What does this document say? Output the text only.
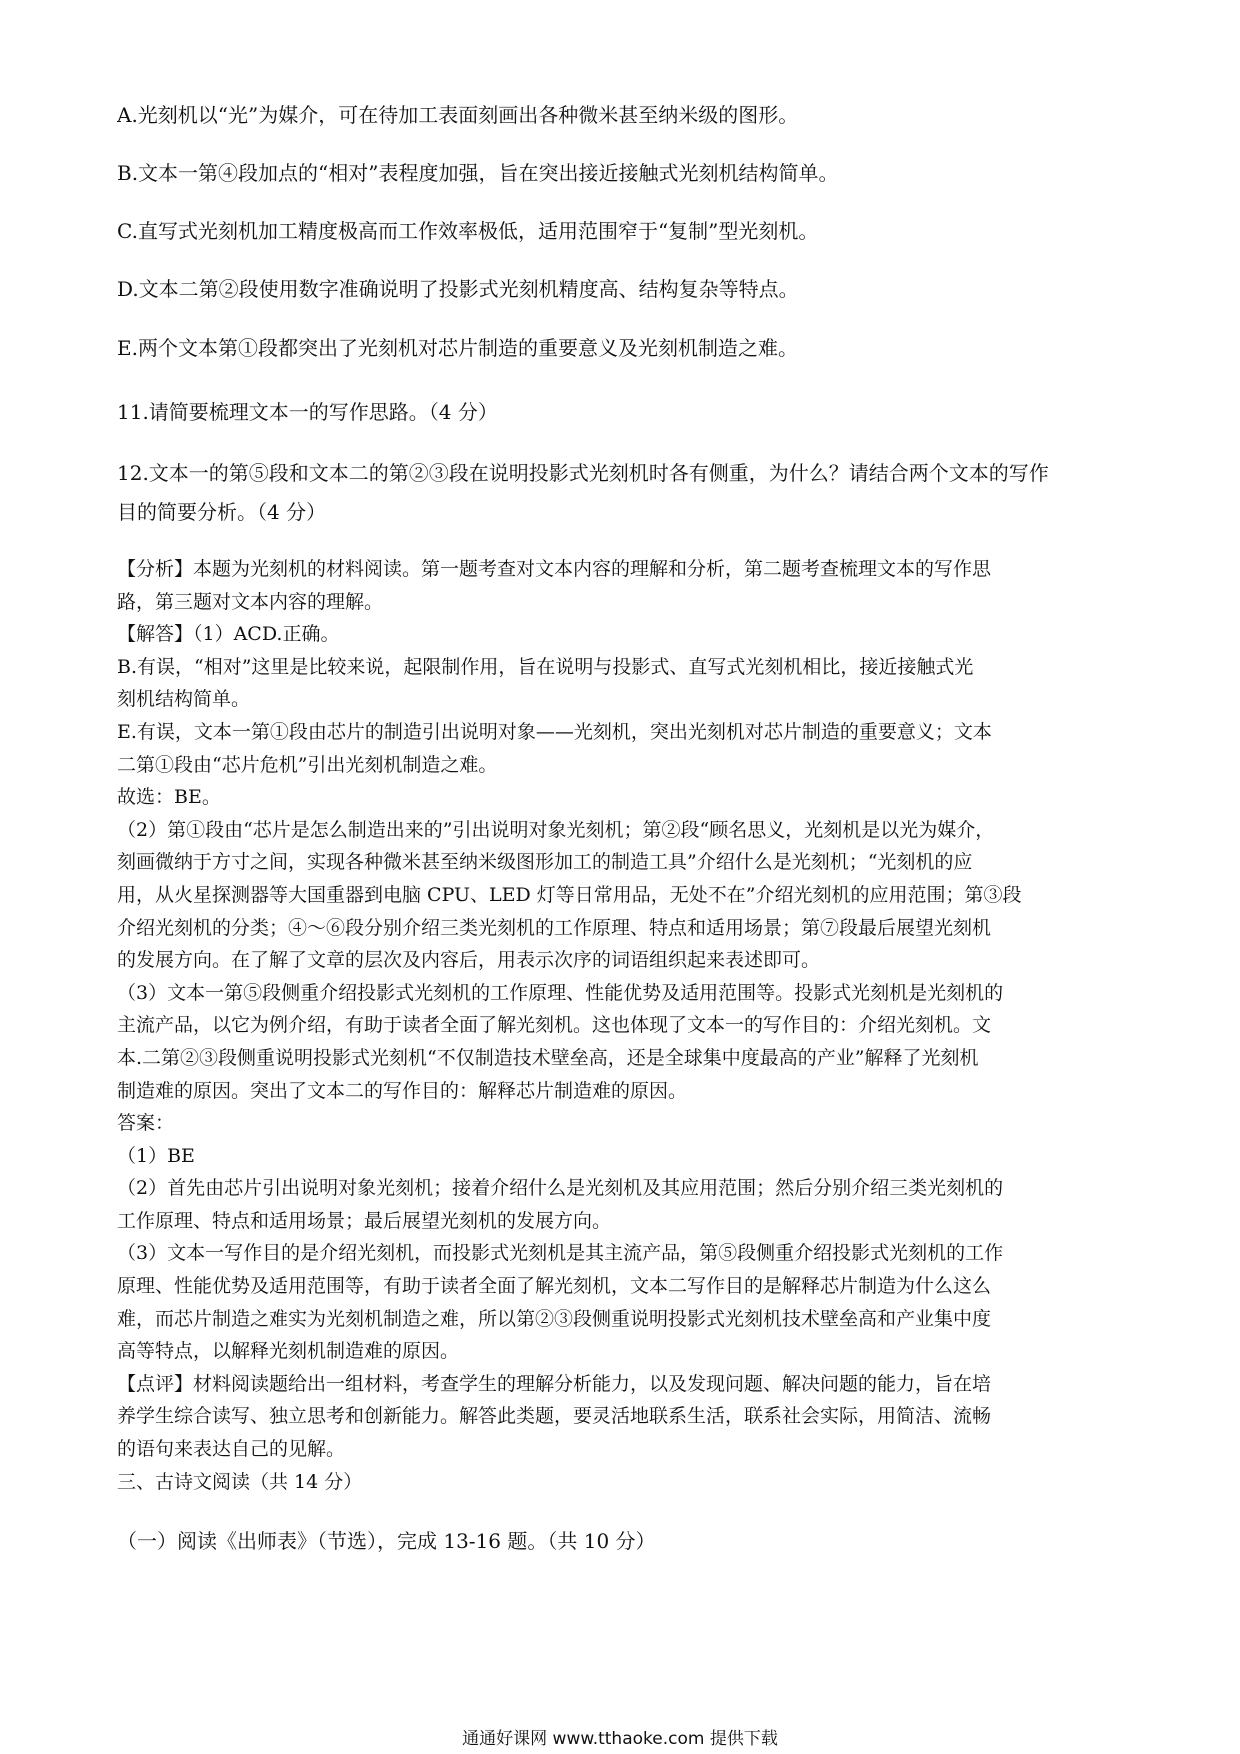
A.光刻机以“光”为媒介，可在待加工表面刻画出各种微米甚至纳米级的图形。
B.文本一第④段加点的“相对”表程度加强，旨在突出接近接触式光刻机结构简单。
C.直写式光刻机加工精度极高而工作效率极低，适用范围窄于“复制”型光刻机。
D.文本二第②段使用数字准确说明了投影式光刻机精度高、结构复杂等特点。
E.两个文本第①段都突出了光刻机对芯片制造的重要意义及光刻机制造之难。
11.请简要梳理文本一的写作思路。（4 分）
12.文本一的第⑤段和文本二的第②③段在说明投影式光刻机时各有侧重，为什么？请结合两个文本的写作
目的简要分析。（4 分）
【分析】本题为光刻机的材料阅读。第一题考查对文本内容的理解和分析，第二题考查梳理文本的写作思
路，第三题对文本内容的理解。
【解答】（1）ACD.正确。
B.有误，“相对”这里是比较来说，起限制作用，旨在说明与投影式、直写式光刻机相比，接近接触式光
刻机结构简单。
E.有误，文本一第①段由芯片的制造引出说明对象——光刻机，突出光刻机对芯片制造的重要意义；文本
二第①段由“芯片危机”引出光刻机制造之难。
故选：BE。
（2）第①段由“芯片是怎么制造出来的”引出说明对象光刻机；第②段“顾名思义，光刻机是以光为媒介，
刻画微纳于方寸之间，实现各种微米甚至纳米级图形加工的制造工具”介绍什么是光刻机；“光刻机的应
用，从火星探测器等大国重器到电脑 CPU、LED 灯等日常用品，无处不在”介绍光刻机的应用范围；第③段
介绍光刻机的分类；④～⑥段分别介绍三类光刻机的工作原理、特点和适用场景；第⑦段最后展望光刻机
的发展方向。在了解了文章的层次及内容后，用表示次序的词语组织起来表述即可。
（3）文本一第⑤段侧重介绍投影式光刻机的工作原理、性能优势及适用范围等。投影式光刻机是光刻机的
主流产品，以它为例介绍，有助于读者全面了解光刻机。这也体现了文本一的写作目的：介绍光刻机。文
本.二第②③段侧重说明投影式光刻机“不仅制造技术壁垒高，还是全球集中度最高的产业”解释了光刻机
制造难的原因。突出了文本二的写作目的：解释芯片制造难的原因。
答案：
（1）BE
（2）首先由芯片引出说明对象光刻机；接着介绍什么是光刻机及其应用范围；然后分别介绍三类光刻机的
工作原理、特点和适用场景；最后展望光刻机的发展方向。
（3）文本一写作目的是介绍光刻机，而投影式光刻机是其主流产品，第⑤段侧重介绍投影式光刻机的工作
原理、性能优势及适用范围等，有助于读者全面了解光刻机，文本二写作目的是解释芯片制造为什么这么
难，而芯片制造之难实为光刻机制造之难，所以第②③段侧重说明投影式光刻机技术壁垒高和产业集中度
高等特点，以解释光刻机制造难的原因。
【点评】材料阅读题给出一组材料，考查学生的理解分析能力，以及发现问题、解决问题的能力，旨在培
养学生综合读写、独立思考和创新能力。解答此类题，要灵活地联系生活，联系社会实际，用简洁、流畅
的语句来表达自己的见解。
三、古诗文阅读（共 14 分）
（一）阅读《出师表》（节选），完成 13-16 题。（共 10 分）
通通好课网 www.tthaoke.com 提供下载
